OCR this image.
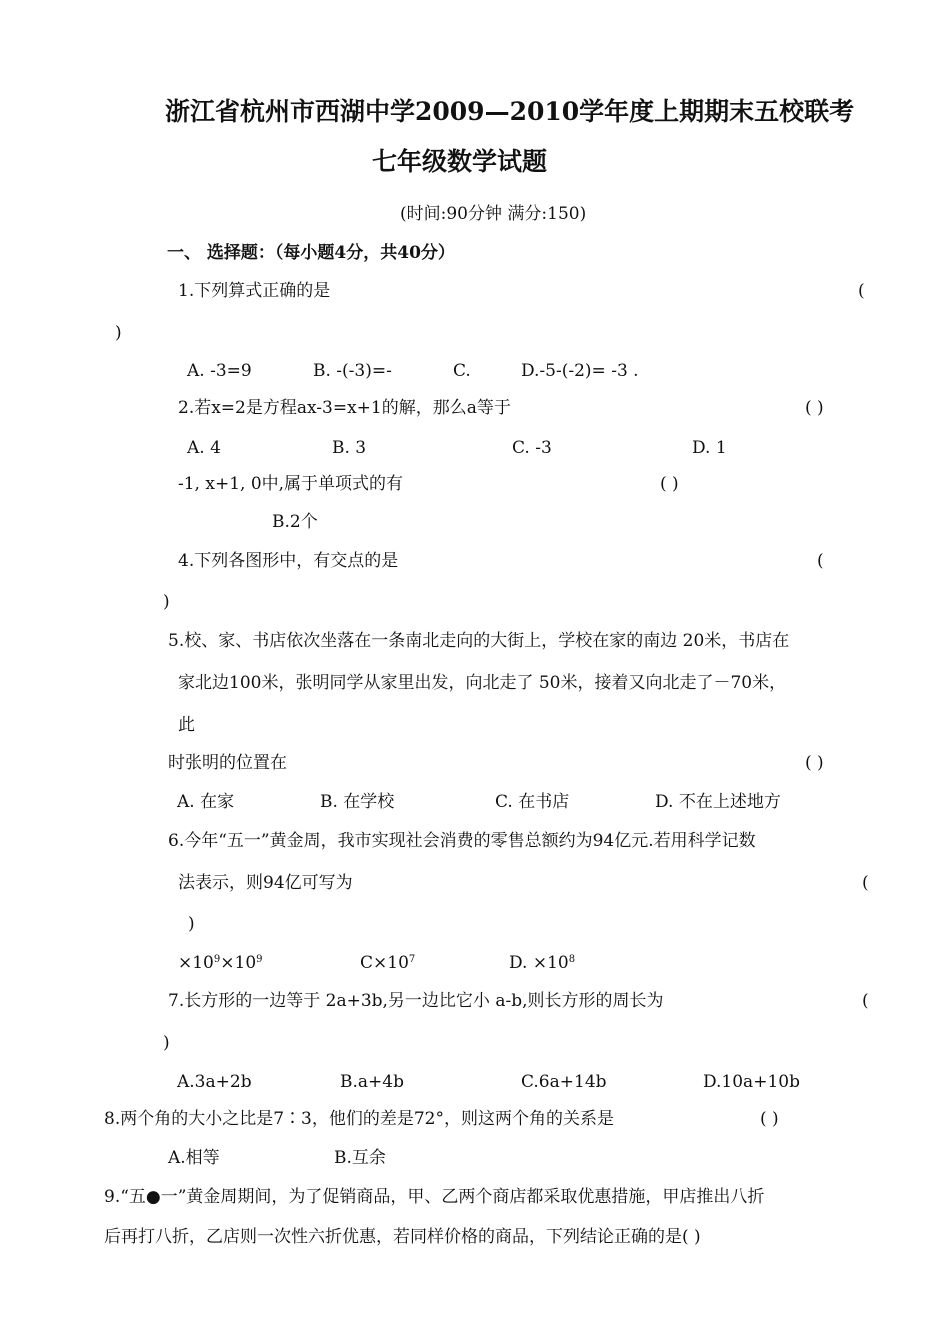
浙江省杭州市西湖中学2009—2010学年度上期期末五校联考
七年级数学试题
(时间:90分钟 满分:150)
一、 选择题：（每小题4分，共40分）
1.下列算式正确的是	(
)
A. -3=9	B. -(-3)=-	C.	D.-5-(-2)= -3 .
2.若x=2是方程ax-3=x+1的解，那么a等于	( )
A. 4	B. 3	C. -3	D. 1
-1, x+1, 0中,属于单项式的有	( )
B.2个
4.下列各图形中，有交点的是	(
)
5.校、家、书店依次坐落在一条南北走向的大街上，学校在家的南边 20米，书店在
家北边100米，张明同学从家里出发，向北走了 50米，接着又向北走了－70米，
此
时张明的位置在	( )
A. 在家	B. 在学校	C. 在书店	D. 不在上述地方
6.今年“五一”黄金周，我市实现社会消费的零售总额约为94亿元.若用科学记数
法表示，则94亿可写为	(
)
$\times 10^9\times 10^9$	$C\times 10^7$	D. $\times 10^8$
7.长方形的一边等于 2a+3b,另一边比它小 a-b,则长方形的周长为	(
)
A.3a+2b	B.a+4b	C.6a+14b	D.10a+10b
8.两个角的大小之比是7∶3，他们的差是72°，则这两个角的关系是	( )
A.相等	B.互余
9.“五●一”黄金周期间，为了促销商品，甲、乙两个商店都采取优惠措施，甲店推出八折
后再打八折，乙店则一次性六折优惠，若同样价格的商品，下列结论正确的是( )
